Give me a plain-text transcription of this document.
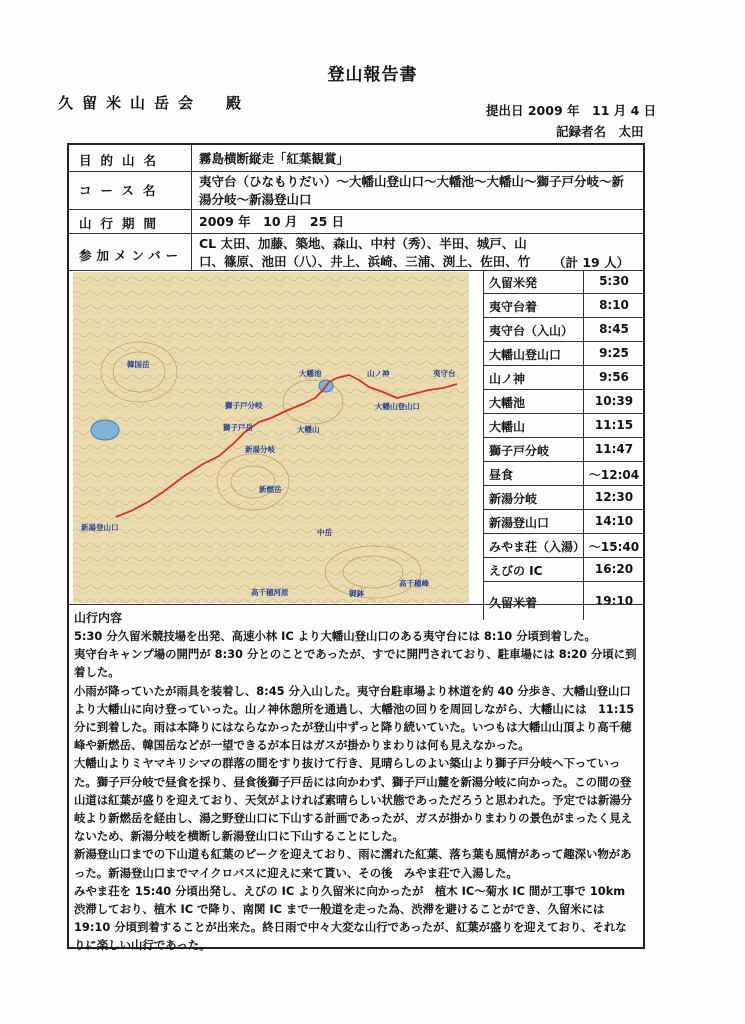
登山報告書
久留米山岳会　殿	提出日 2009 年　11 月 4 日
記録者名　太田
目的山名	霧島横断縦走「紅葉観賞」
コース名
夷守台（ひなもりだい）～大幡山登山口～大幡池～大幡山～獅子戸分岐～新湯分岐～新湯登山口
山行期間	2009 年　10 月　25 日
参加メンバー
CL 太田、加藤、築地、森山、中村（秀）、半田、城戸、山口、篠原、池田（八）、井上、浜崎、三浦、渕上、佐田、竹	（計 19 人）
大幡池	山ノ神	夷守台
獅子戸分岐	大幡山登山口
獅子戸岳	大幡山
新湯分岐
韓国岳
新燃岳
新湯登山口
中岳
高千穂河原	御鉢
高千穂峰
久留米発	5:30
夷守台着	8:10
夷守台（入山）	8:45
大幡山登山口	9:25
山ノ神	9:56
大幡池	10:39
大幡山	11:15
獅子戸分岐	11:47
昼食	～12:04
新湯分岐	12:30
新湯登山口	14:10
みやま荘（入湯） ～15:40
えびの IC	16:20
久留米着	19:10
山行内容

5:30 分久留米競技場を出発、高速小林 IC より大幡山登山口のある夷守台には 8:10 分頃到着した。

夷守台キャンプ場の開門が 8:30 分とのことであったが、すでに開門されており、駐車場には 8:20 分頃に到着した。

小雨が降っていたが雨具を装着し、8:45 分入山した。夷守台駐車場より林道を約 40 分歩き、大幡山登山口より大幡山に向け登っていった。山ノ神休憩所を通過し、大幡池の回りを周回しながら、大幡山には　11:15 分に到着した。雨は本降りにはならなかったが登山中ずっと降り続いていた。いつもは大幡山山頂より高千穂峰や新燃岳、韓国岳などが一望できるが本日はガスが掛かりまわりは何も見えなかった。

大幡山よりミヤマキリシマの群落の間をすり抜けて行き、見晴らしのよい築山より獅子戸分岐へ下っていった。獅子戸分岐で昼食を採り、昼食後獅子戸岳には向かわず、獅子戸山麓を新湯分岐に向かった。この間の登山道は紅葉が盛りを迎えており、天気がよければ素晴らしい状態であっただろうと思われた。予定では新湯分岐より新燃岳を経由し、湯之野登山口に下山する計画であったが、ガスが掛かりまわりの景色がまったく見えないため、新湯分岐を横断し新湯登山口に下山することにした。

新湯登山口までの下山道も紅葉のピークを迎えており、雨に濡れた紅葉、落ち葉も風情があって趣深い物があった。新湯登山口までマイクロバスに迎えに来て貰い、その後　みやま荘で入湯した。

みやま荘を 15:40 分頃出発し、えびの IC より久留米に向かったが　植木 IC～菊水 IC 間が工事で 10km 渋滞しており、植木 IC で降り、南関 IC まで一般道を走った為、渋滞を避けることができ、久留米には 19:10 分頃到着することが出来た。終日雨で中々大変な山行であったが、紅葉が盛りを迎えており、それなりに楽しい山行であった。
